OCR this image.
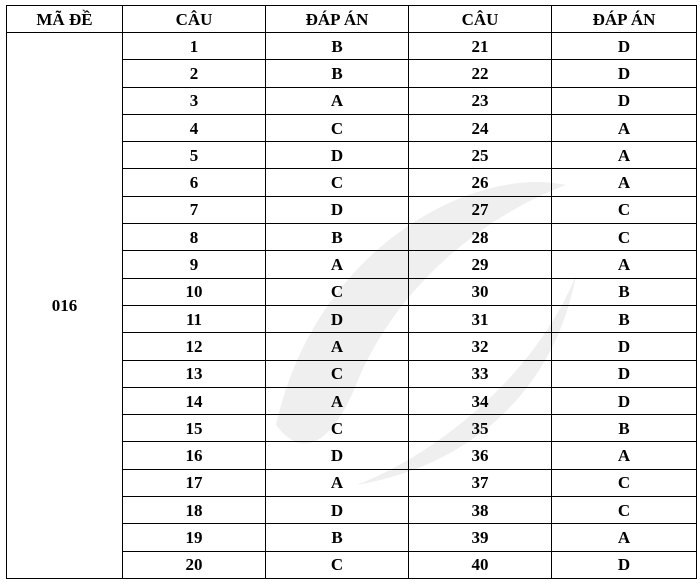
MÃ ĐỀ	CÂU	ĐÁP ÁN	CÂU	ĐÁP ÁN
016	1	B	21	D
	2	B	22	D
	3	A	23	D
	4	C	24	A
	5	D	25	A
	6	C	26	A
	7	D	27	C
	8	B	28	C
	9	A	29	A
	10	C	30	B
	11	D	31	B
	12	A	32	D
	13	C	33	D
	14	A	34	D
	15	C	35	B
	16	D	36	A
	17	A	37	C
	18	D	38	C
	19	B	39	A
	20	C	40	D
